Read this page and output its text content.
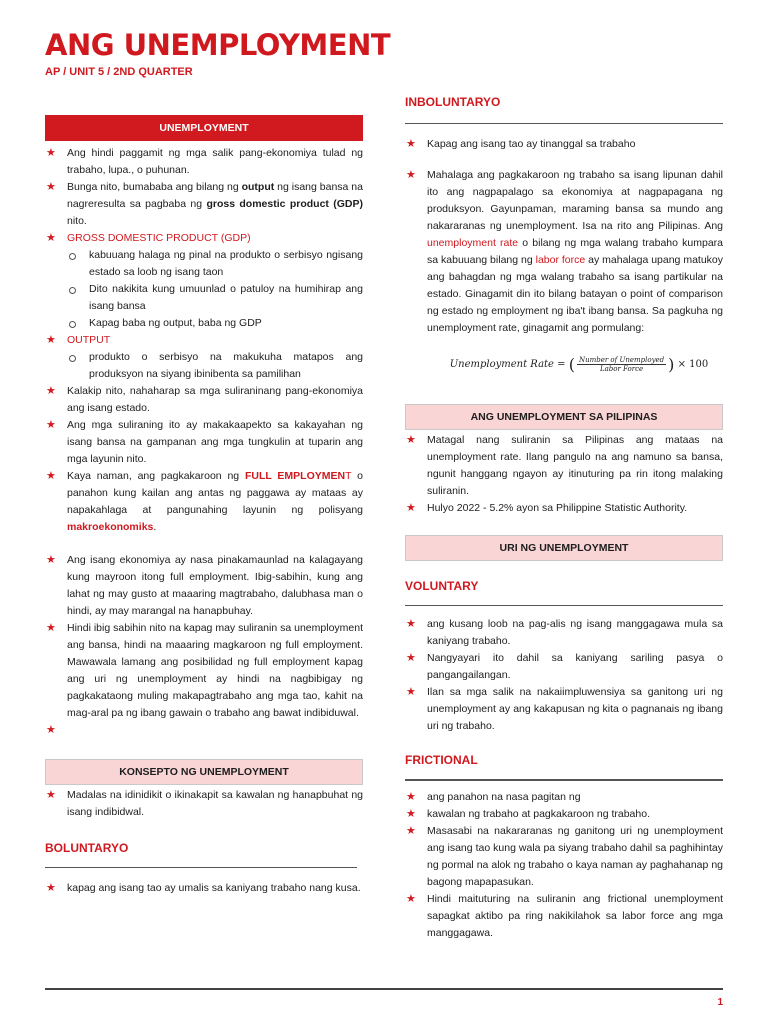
ANG UNEMPLOYMENT
AP / UNIT 5 / 2ND QUARTER
UNEMPLOYMENT
★ Ang hindi paggamit ng mga salik pang-ekonomiya tulad ng trabaho, lupa., o puhunan.
★ Bunga nito, bumababa ang bilang ng output ng isang bansa na nagreresulta sa pagbaba ng gross domestic product (GDP) nito.
★ GROSS DOMESTIC PRODUCT (GDP)
kabuuang halaga ng pinal na produkto o serbisyo ngisang estado sa loob ng isang taon
Dito nakikita kung umuunlad o patuloy na humihirap ang isang bansa
Kapag baba ng output, baba ng GDP
★ OUTPUT
produkto o serbisyo na makukuha matapos ang produksyon na siyang ibinibenta sa pamilihan
★ Kalakip nito, nahaharap sa mga suliraninang pang-ekonomiya ang isang estado.
★ Ang mga suliraning ito ay makakaapekto sa kakayahan ng isang bansa na gampanan ang mga tungkulin at tuparin ang mga layunin nito.
★ Kaya naman, ang pagkakaroon ng FULL EMPLOYMENT o panahon kung kailan ang antas ng paggawa ay mataas ay napakahlaga at pangunahing layunin ng polisyang makroekonomiks.
★ Ang isang ekonomiya ay nasa pinakamaunlad na kalagayang kung mayroon itong full employment. Ibig-sabihin, kung ang lahat ng may gusto at maaaring magtrabaho, dalubhasa man o hindi, ay may marangal na hanapbuhay.
★ Hindi ibig sabihin nito na kapag may suliranin sa unemployment ang bansa, hindi na maaaring magkaroon ng full employment. Mawawala lamang ang posibilidad ng full employment kapag ang uri ng unemployment ay hindi na nagbibigay ng pagkakataong muling makapagtrabaho ang mga tao, kahit na mag-aral pa ng ibang gawain o trabaho ang bawat indibiduwal.
★

KONSEPTO NG UNEMPLOYMENT
★ Madalas na idinidikit o ikinakapit sa kawalan ng hanapbuhat ng isang indibidwal.
BOLUNTARYO
★ kapag ang isang tao ay umalis sa kaniyang trabaho nang kusa.
INBOLUNTARYO
★ Kapag ang isang tao ay tinanggal sa trabaho
★ Mahalaga ang pagkakaroon ng trabaho sa isang lipunan dahil ito ang nagpapalago sa ekonomiya at nagpapagana ng produksyon. Gayunpaman, maraming bansa sa mundo ang nakararanas ng unemployment. Isa na rito ang Pilipinas. Ang unemployment rate o bilang ng mga walang trabaho kumpara sa kabuuang bilang ng labor force ay mahalaga upang matukoy ang bahagdan ng mga walang trabaho sa isang partikular na estado. Ginagamit din ito bilang batayan o point of comparison ng estado ng employment ng iba't ibang bansa. Sa pagkuha ng unemployment rate, ginagamit ang pormulang:
Unemployment Rate = ( $\frac{\text{Number of Unemployed}}{\text{Labor Force}}$ ) × 100
ANG UNEMPLOYMENT SA PILIPINAS
★ Matagal nang suliranin sa Pilipinas ang mataas na unemployment rate. Ilang pangulo na ang namuno sa bansa, ngunit hanggang ngayon ay itinuturing pa rin itong malaking suliranin.
★ Hulyo 2022 - 5.2% ayon sa Philippine Statistic Authority.
URI NG UNEMPLOYMENT
VOLUNTARY
★ ang kusang loob na pag-alis ng isang manggagawa mula sa kaniyang trabaho.
★ Nangyayari ito dahil sa kaniyang sariling pasya o pangangailangan.
★ Ilan sa mga salik na nakaiimpluwensiya sa ganitong uri ng unemployment ay ang kakapusan ng kita o pagnanais ng ibang uri ng trabaho.
FRICTIONAL
★ ang panahon na nasa pagitan ng
★ kawalan ng trabaho at pagkakaroon ng trabaho.
★ Masasabi na nakararanas ng ganitong uri ng unemployment ang isang tao kung wala pa siyang trabaho dahil sa paghihintay ng pormal na alok ng trabaho o kaya naman ay paghahanap ng bagong mapapasukan.
★ Hindi maituturing na suliranin ang frictional unemployment sapagkat aktibo pa ring nakikilahok sa labor force ang mga manggagawa.
1
